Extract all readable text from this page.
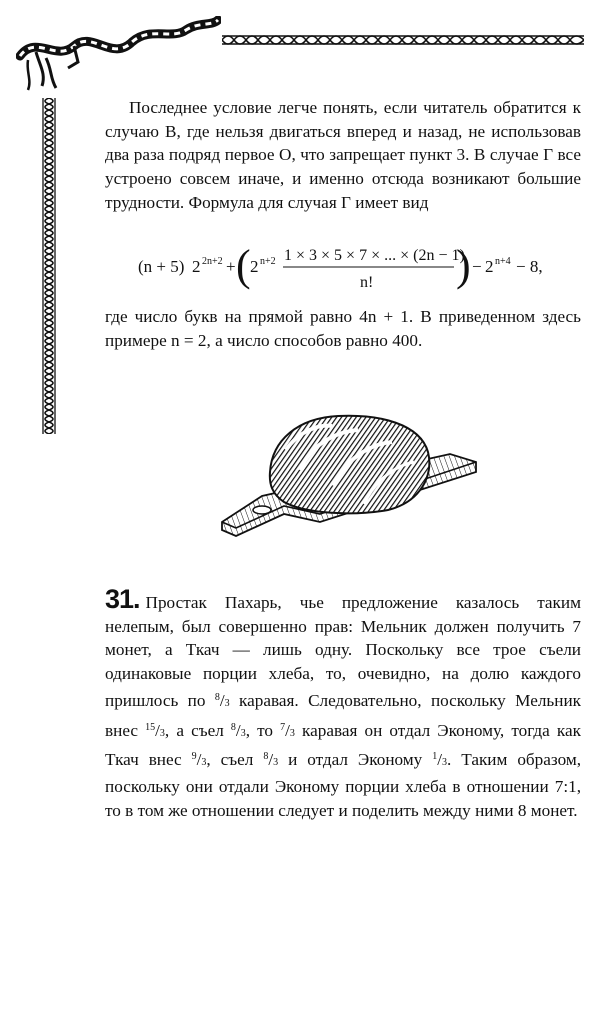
Последнее условие легче понять, если читатель обратится к случаю В, где нельзя двигаться вперед и назад, не использовав два раза подряд первое О, что запрещает пункт 3. В случае Г все устроено совсем иначе, и именно отсюда возникают большие трудности. Формула для случая Г имеет вид

(n + 5) 2 2n+2 + ( 2 n+2 1 × 3 × 5 × 7 × ... × (2n − 1)
n! ) − 2 n+4 − 8,

где число букв на прямой равно 4n + 1. В приведенном здесь примере n = 2, а число способов равно 400.

31. Простак Пахарь, чье предложение казалось таким нелепым, был совершенно прав: Мельник должен получить 7 монет, а Ткач — лишь одну. Поскольку все трое съели одинаковые порции хлеба, то, очевидно, на долю каждого пришлось по $^8$/3 каравая. Следовательно, поскольку Мельник внес $^{15}$/3, а съел $^8$/3, то $^7$/3 каравая он отдал Эконому, тогда как Ткач внес $^9$/3, съел $^8$/3 и отдал Эконому $^1$/3. Таким образом, поскольку они отдали Эконому порции хлеба в отношении 7:1, то в том же отношении следует и поделить между ними 8 монет.
